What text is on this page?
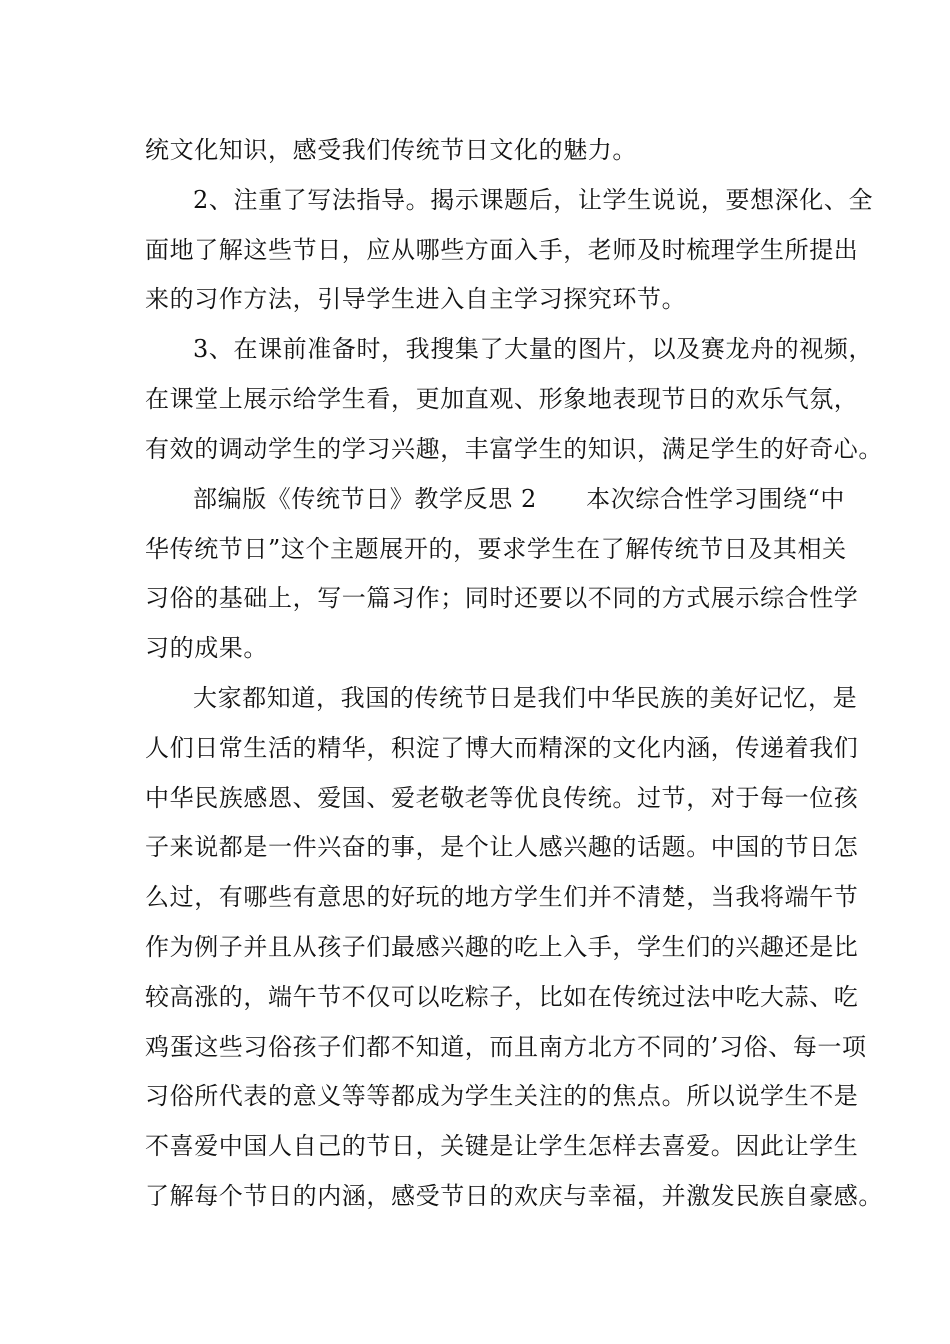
统文化知识，感受我们传统节日文化的魅力。
2、注重了写法指导。揭示课题后，让学生说说，要想深化、全
面地了解这些节日，应从哪些方面入手，老师及时梳理学生所提出
来的习作方法，引导学生进入自主学习探究环节。
3、在课前准备时，我搜集了大量的图片，以及赛龙舟的视频，
在课堂上展示给学生看，更加直观、形象地表现节日的欢乐气氛，
有效的调动学生的学习兴趣，丰富学生的知识，满足学生的好奇心。
部编版《传统节日》教学反思 2　　本次综合性学习围绕“中
华传统节日”这个主题展开的，要求学生在了解传统节日及其相关
习俗的基础上，写一篇习作；同时还要以不同的方式展示综合性学
习的成果。
大家都知道，我国的传统节日是我们中华民族的美好记忆，是
人们日常生活的精华，积淀了博大而精深的文化内涵，传递着我们
中华民族感恩、爱国、爱老敬老等优良传统。过节，对于每一位孩
子来说都是一件兴奋的事，是个让人感兴趣的话题。中国的节日怎
么过，有哪些有意思的好玩的地方学生们并不清楚，当我将端午节
作为例子并且从孩子们最感兴趣的吃上入手，学生们的兴趣还是比
较高涨的，端午节不仅可以吃粽子，比如在传统过法中吃大蒜、吃
鸡蛋这些习俗孩子们都不知道，而且南方北方不同的’习俗、每一项
习俗所代表的意义等等都成为学生关注的的焦点。所以说学生不是
不喜爱中国人自己的节日，关键是让学生怎样去喜爱。因此让学生
了解每个节日的内涵，感受节日的欢庆与幸福，并激发民族自豪感。
